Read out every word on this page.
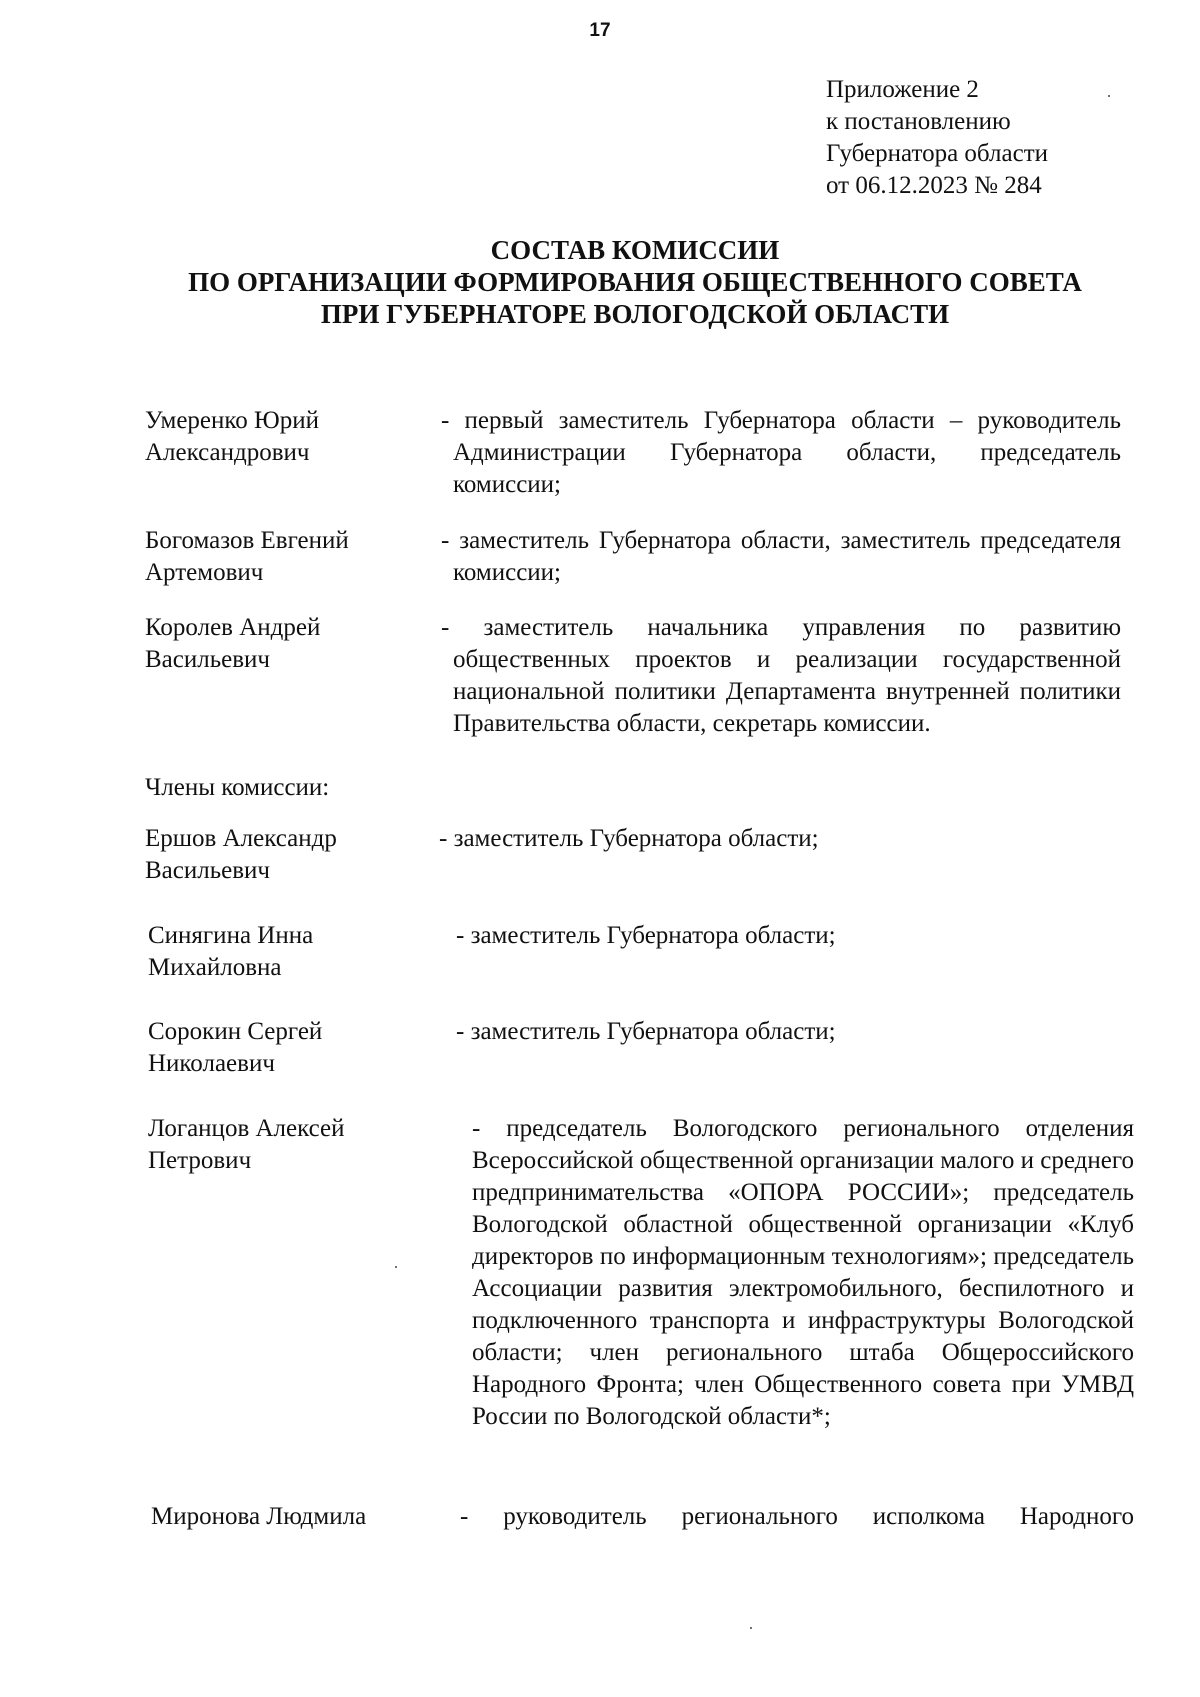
17
Приложение 2
к постановлению
Губернатора области
от 06.12.2023 № 284
СОСТАВ КОМИССИИ
ПО ОРГАНИЗАЦИИ ФОРМИРОВАНИЯ ОБЩЕСТВЕННОГО СОВЕТА
ПРИ ГУБЕРНАТОРЕ ВОЛОГОДСКОЙ ОБЛАСТИ
Умеренко Юрий Александрович
- первый заместитель Губернатора области – руководитель Администрации Губернатора области, председатель комиссии;
Богомазов Евгений Артемович
- заместитель Губернатора области, заместитель председателя комиссии;
Королев Андрей Васильевич
- заместитель начальника управления по развитию общественных проектов и реализации государственной национальной политики Департамента внутренней политики Правительства области, секретарь комиссии.
Члены комиссии:
Ершов Александр Васильевич
- заместитель Губернатора области;
Синягина Инна Михайловна
- заместитель Губернатора области;
Сорокин Сергей Николаевич
- заместитель Губернатора области;
Логанцов Алексей Петрович
- председатель Вологодского регионального отделения Всероссийской общественной организации малого и среднего предпринимательства «ОПОРА РОССИИ»; председатель Вологодской областной общественной организации «Клуб директоров по информационным технологиям»; председатель Ассоциации развития электромобильного, беспилотного и подключенного транспорта и инфраструктуры Вологодской области; член регионального штаба Общероссийского Народного Фронта; член Общественного совета при УМВД России по Вологодской области*;
Миронова Людмила	- руководитель регионального исполкома Народного
